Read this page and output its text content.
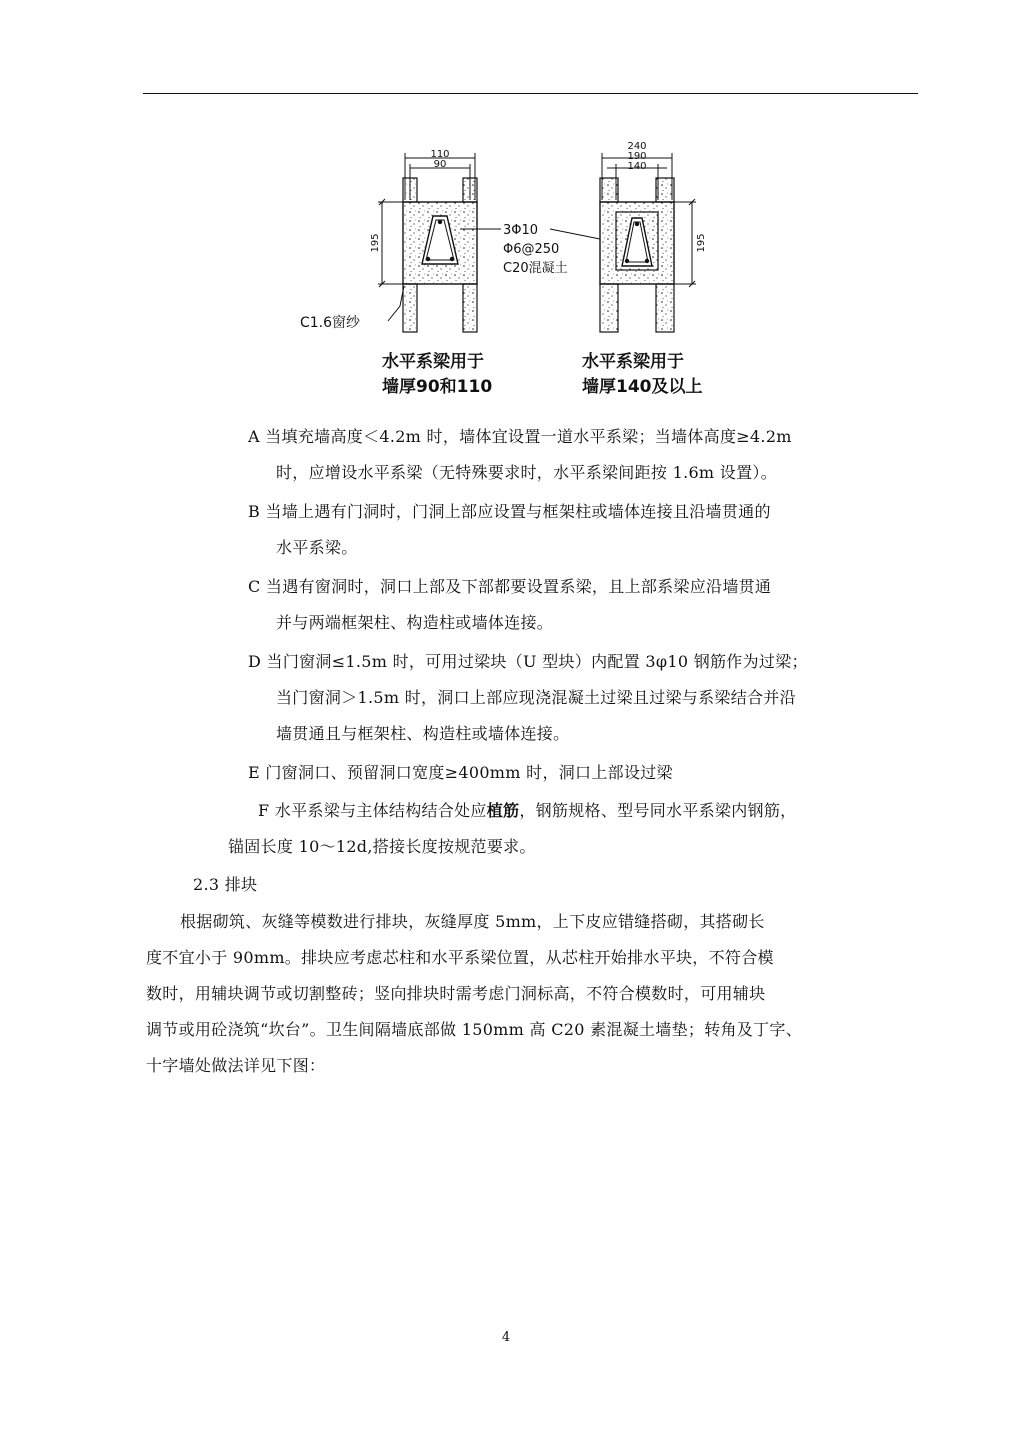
110
90
195
C1.6窗纱
3Φ10
Φ6@250
C20混凝土
240
190
140
195
水平系梁用于
墙厚90和110
水平系梁用于
墙厚140及以上
A 当填充墙高度＜4.2m 时，墙体宜设置一道水平系梁；当墙体高度≥4.2m
时，应增设水平系梁（无特殊要求时，水平系梁间距按 1.6m 设置）。
B 当墙上遇有门洞时，门洞上部应设置与框架柱或墙体连接且沿墙贯通的
水平系梁。
C 当遇有窗洞时，洞口上部及下部都要设置系梁，且上部系梁应沿墙贯通
并与两端框架柱、构造柱或墙体连接。
D 当门窗洞≤1.5m 时，可用过梁块（U 型块）内配置 3φ10 钢筋作为过梁；
当门窗洞＞1.5m 时，洞口上部应现浇混凝土过梁且过梁与系梁结合并沿
墙贯通且与框架柱、构造柱或墙体连接。
E 门窗洞口、预留洞口宽度≥400mm 时，洞口上部设过梁
F 水平系梁与主体结构结合处应植筋，钢筋规格、型号同水平系梁内钢筋，
锚固长度 10～12d,搭接长度按规范要求。
2.3 排块
根据砌筑、灰缝等模数进行排块，灰缝厚度 5mm，上下皮应错缝搭砌，其搭砌长
度不宜小于 90mm。排块应考虑芯柱和水平系梁位置，从芯柱开始排水平块，不符合模
数时，用辅块调节或切割整砖；竖向排块时需考虑门洞标高，不符合模数时，可用辅块
调节或用砼浇筑“坎台”。卫生间隔墙底部做 150mm 高 C20 素混凝土墙垫；转角及丁字、
十字墙处做法详见下图：
4
